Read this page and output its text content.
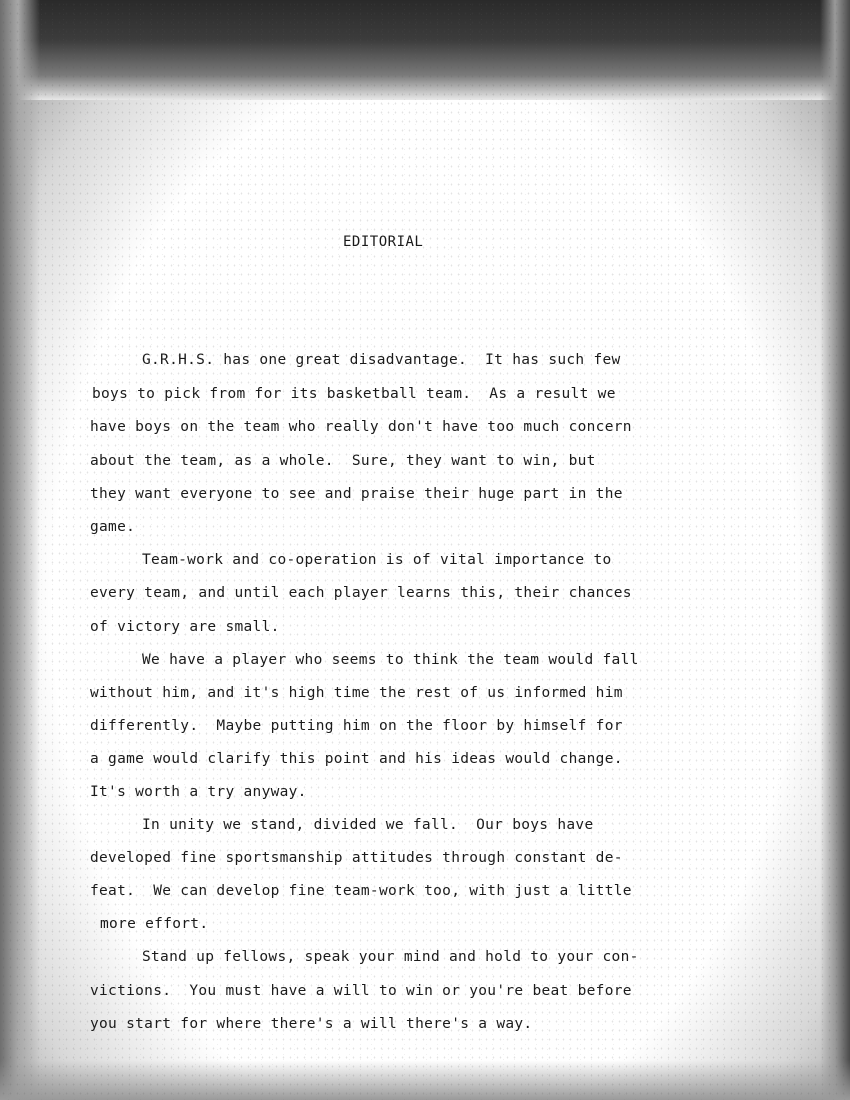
EDITORIAL
G.R.H.S. has one great disadvantage.  It has such few
boys to pick from for its basketball team.  As a result we
have boys on the team who really don't have too much concern
about the team, as a whole.  Sure, they want to win, but
they want everyone to see and praise their huge part in the
game.
Team-work and co-operation is of vital importance to
every team, and until each player learns this, their chances
of victory are small.
We have a player who seems to think the team would fall
without him, and it's high time the rest of us informed him
differently.  Maybe putting him on the floor by himself for
a game would clarify this point and his ideas would change.
It's worth a try anyway.
In unity we stand, divided we fall.  Our boys have
developed fine sportsmanship attitudes through constant de-
feat.  We can develop fine team-work too, with just a little
more effort.
Stand up fellows, speak your mind and hold to your con-
victions.  You must have a will to win or you're beat before
you start for where there's a will there's a way.
